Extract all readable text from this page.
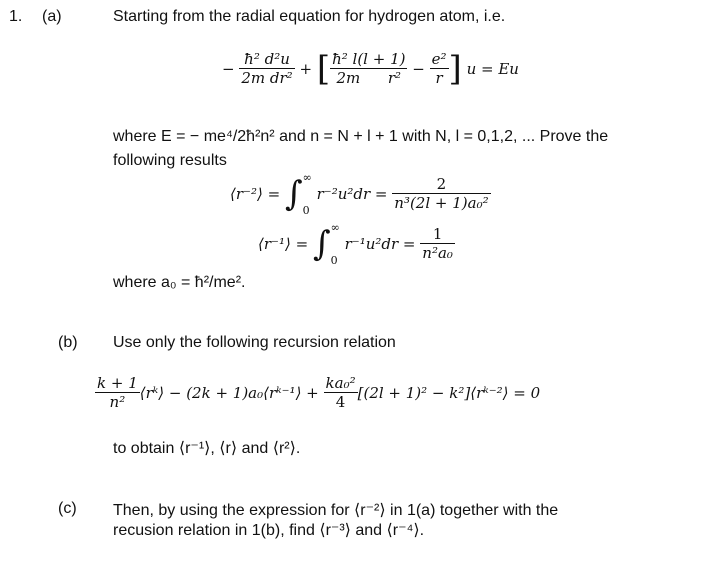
1. (a)	Starting from the radial equation for hydrogen atom, i.e.
− $\frac{\text{ħ² d²u}}{\text{2m dr²}}$ + [ $\frac{\text{ħ² l(l + 1)}}{\text{2m r²}} - \frac{\text{e²}}{r}$ ] u = Eu
where E = − me⁴/2ħ²n² and n = N + l + 1 with N, l = 0,1,2, ... Prove the
following results
⟨r⁻²⟩ = ∫ ∞
0
$r^{-2}u^2dr = \frac{2}{\text{n³(2l + 1)a₀²}}$
⟨r⁻¹⟩ = ∫ ∞
0
$r^{-1}u^2dr = \frac{1}{\text{n²a₀}}$
where a₀ = ħ²/me².
(b) Use only the following recursion relation
$\frac{k + 1}{\text{n²}}$ ⟨rᵏ⟩ − (2k + 1)a₀⟨rᵏ⁻¹⟩ + $\frac{\text{ka₀²}}{4} [(2l + 1)^2$ − k²]⟨rᵏ⁻²⟩ = 0
to obtain ⟨r⁻¹⟩, ⟨r⟩ and ⟨r²⟩.
(c) Then, by using the expression for ⟨r⁻²⟩ in 1(a) together with the
recusion relation in 1(b), find ⟨r⁻³⟩ and ⟨r⁻⁴⟩.
